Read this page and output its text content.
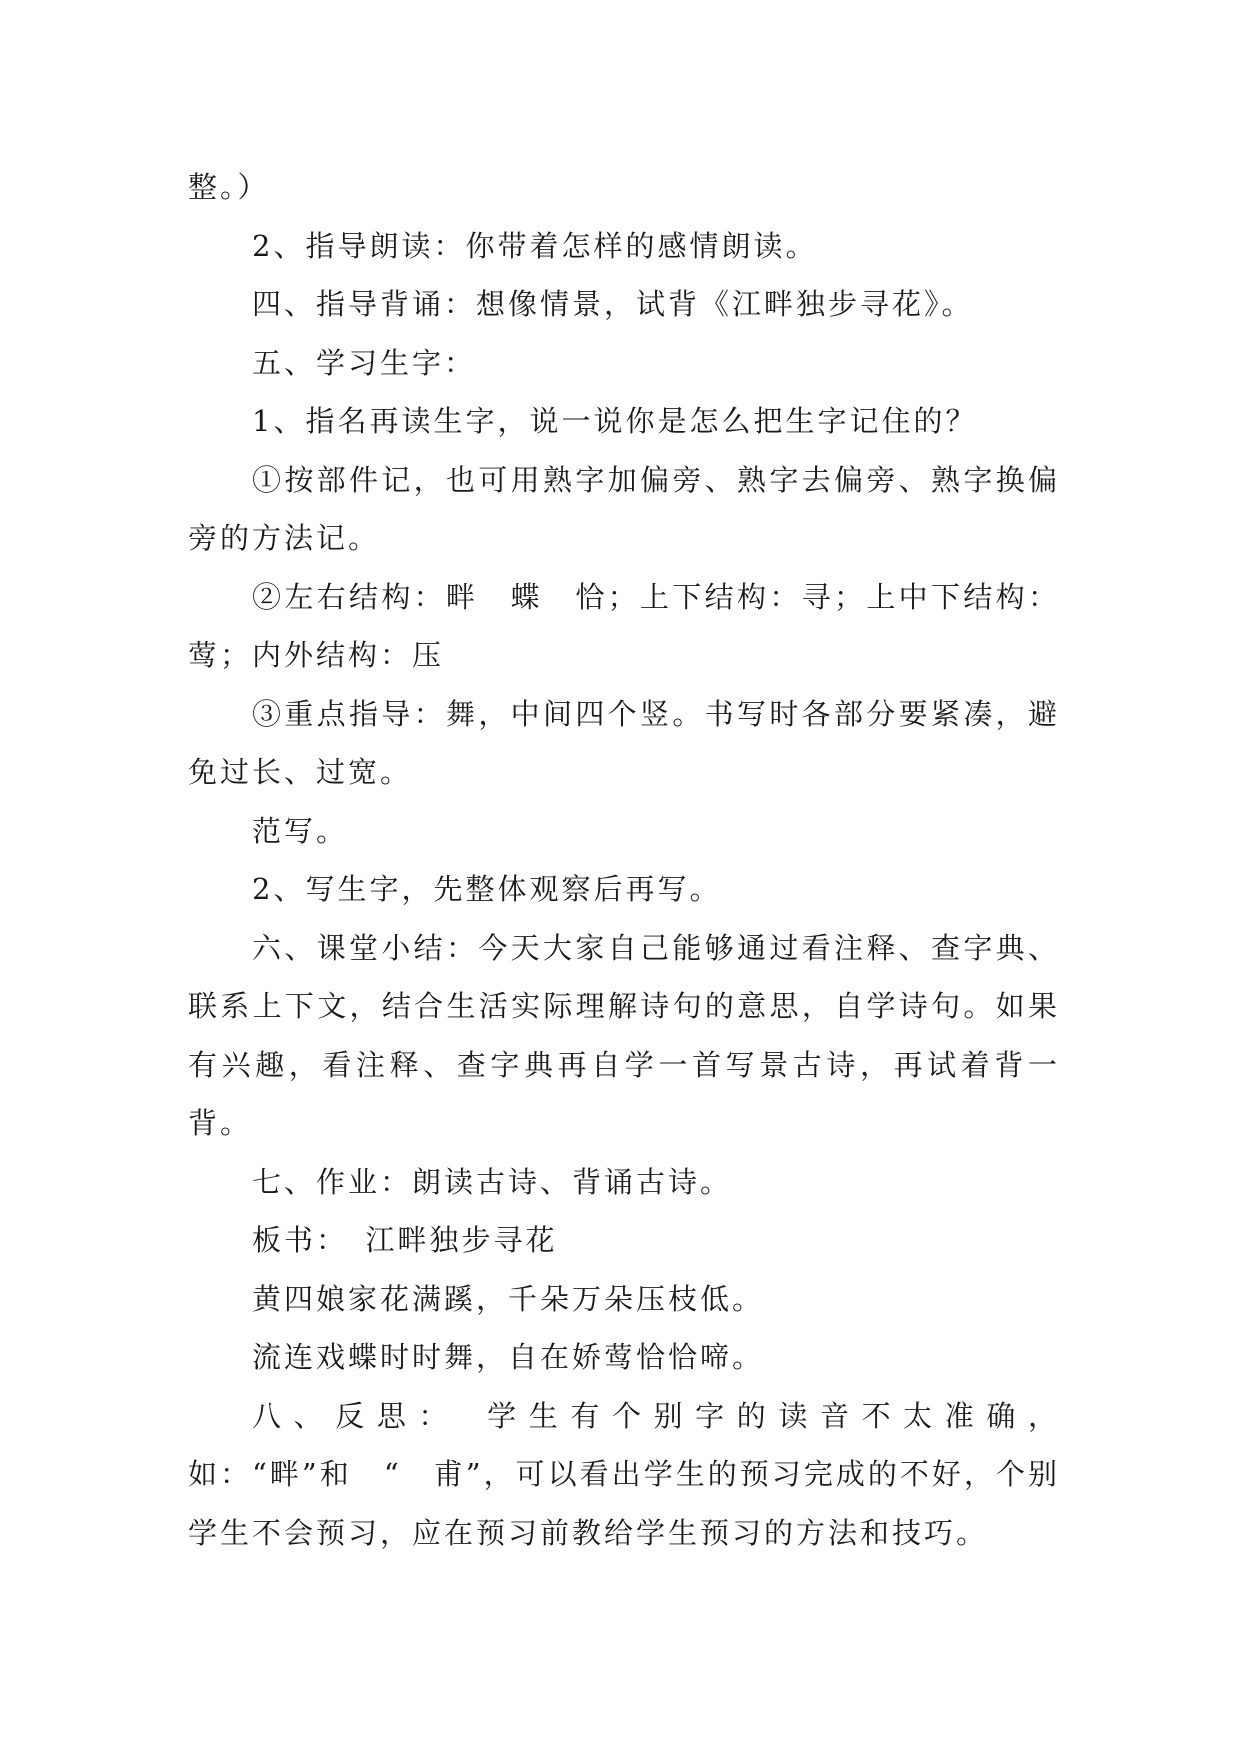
整。）

2、指导朗读：你带着怎样的感情朗读。

四、指导背诵：想像情景，试背《江畔独步寻花》。

五、学习生字：

1、指名再读生字，说一说你是怎么把生字记住的？

①按部件记，也可用熟字加偏旁、熟字去偏旁、熟字换偏旁的方法记。

②左右结构：畔　蝶　恰；上下结构：寻；上中下结构：莺；内外结构：压

③重点指导：舞，中间四个竖。书写时各部分要紧凑，避免过长、过宽。

范写。

2、写生字，先整体观察后再写。

六、课堂小结：今天大家自己能够通过看注释、查字典、联系上下文，结合生活实际理解诗句的意思，自学诗句。如果有兴趣，看注释、查字典再自学一首写景古诗，再试着背一背。

七、作业：朗读古诗、背诵古诗。

板书：　江畔独步寻花

黄四娘家花满蹊，千朵万朵压枝低。

流连戏蝶时时舞，自在娇莺恰恰啼。

八、反思：　学生有个别字的读音不太准确，如：“畔”和　“　甫”，可以看出学生的预习完成的不好，个别学生不会预习，应在预习前教给学生预习的方法和技巧。
